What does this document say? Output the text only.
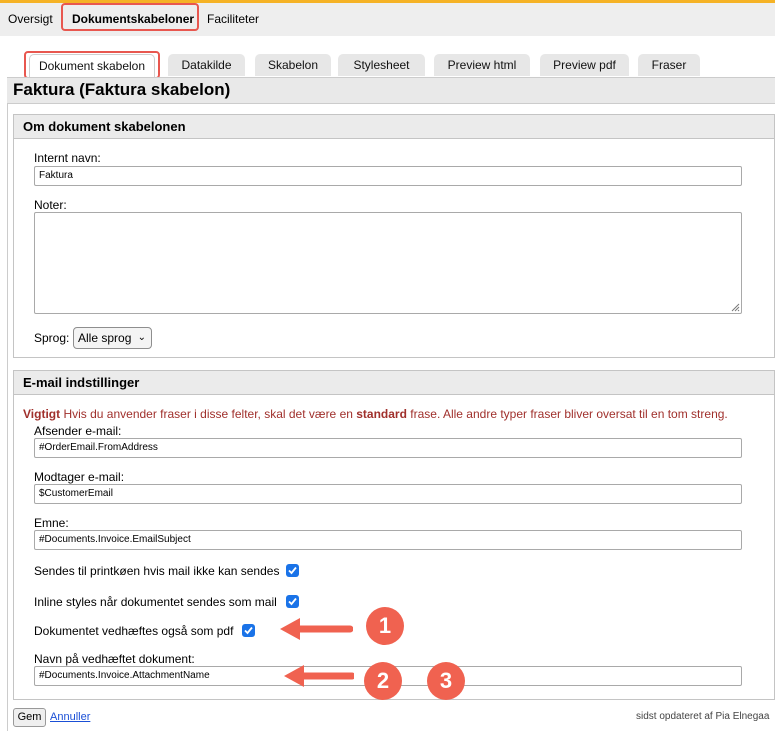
Oversigt Dokumentskabeloner Faciliteter
Dokument skabelon	Datakilde	Skabelon	Stylesheet	Preview html	Preview pdf	Fraser
Faktura (Faktura skabelon)
Om dokument skabelonen
Internt navn:
Faktura
Noter:
Sprog: Alle sprog ⌄
E-mail indstillinger
Vigtigt Hvis du anvender fraser i disse felter, skal det være en standard frase. Alle andre typer fraser bliver oversat til en tom streng.
Afsender e-mail:
#OrderEmail.FromAddress
Modtager e-mail:
$CustomerEmail
Emne:
#Documents.Invoice.EmailSubject
Sendes til printkøen hvis mail ikke kan sendes
Inline styles når dokumentet sendes som mail
Dokumentet vedhæftes også som pdf
Navn på vedhæftet dokument:
#Documents.Invoice.AttachmentName
1
2	3
Gem Annuller	sidst opdateret af Pia Elnegaa
